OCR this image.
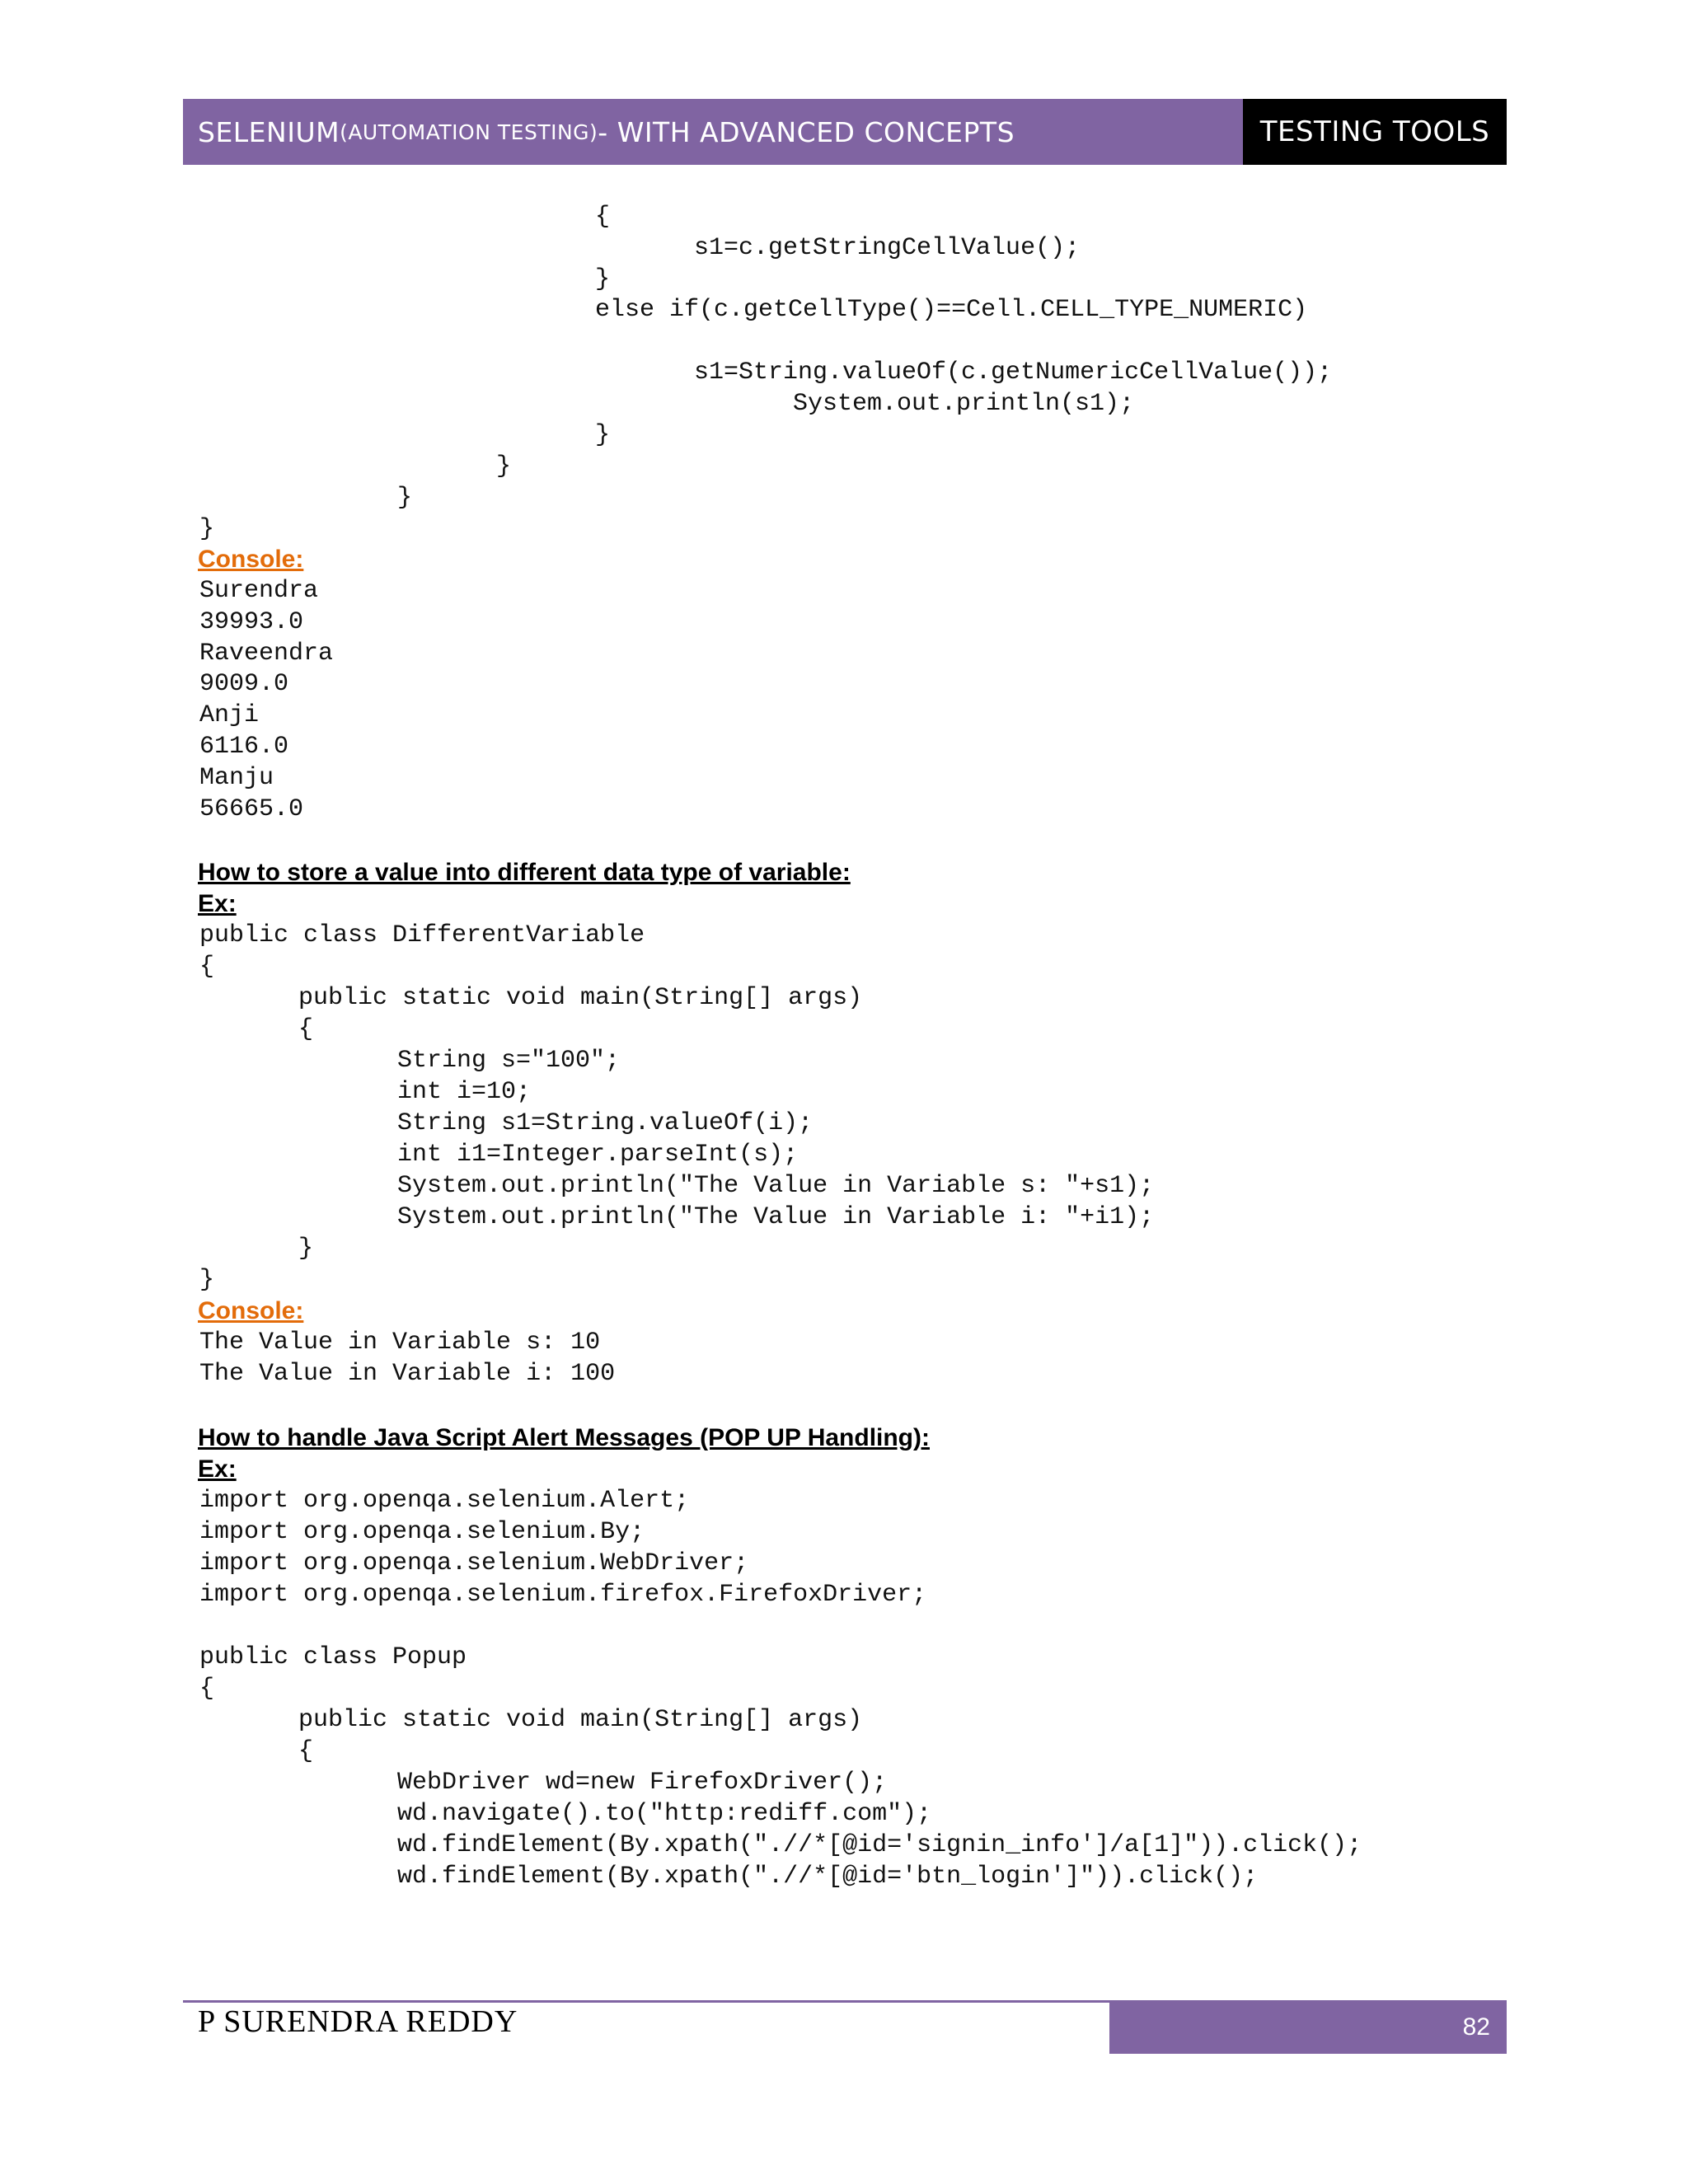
SELENIUM (AUTOMATION TESTING) - WITH ADVANCED CONCEPTS	TESTING TOOLS
{
s1=c.getStringCellValue();
}
else if(c.getCellType()==Cell.CELL_TYPE_NUMERIC)
s1=String.valueOf(c.getNumericCellValue());
System.out.println(s1);
}
}
}
}
Console:
Surendra
39993.0
Raveendra
9009.0
Anji
6116.0
Manju
56665.0
How to store a value into different data type of variable:
Ex:
public class DifferentVariable
{
public static void main(String[] args)
{
String s="100";
int i=10;
String s1=String.valueOf(i);
int i1=Integer.parseInt(s);
System.out.println("The Value in Variable s: "+s1);
System.out.println("The Value in Variable i: "+i1);
}
}
Console:
The Value in Variable s: 10
The Value in Variable i: 100
How to handle Java Script Alert Messages (POP UP Handling):
Ex:
import org.openqa.selenium.Alert;
import org.openqa.selenium.By;
import org.openqa.selenium.WebDriver;
import org.openqa.selenium.firefox.FirefoxDriver;
public class Popup
{
public static void main(String[] args)
{
WebDriver wd=new FirefoxDriver();
wd.navigate().to("http:rediff.com");
wd.findElement(By.xpath(".//*[@id='signin_info']/a[1]")).click();
wd.findElement(By.xpath(".//*[@id='btn_login']")).click();
P SURENDRA REDDY	82
